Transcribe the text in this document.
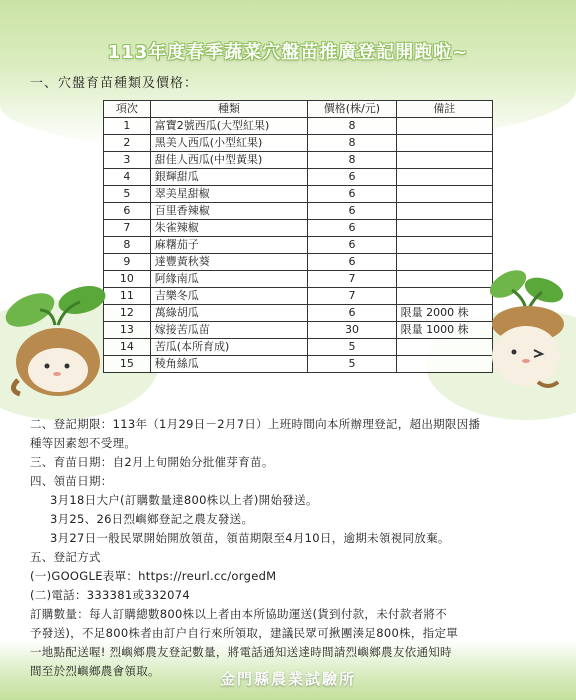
113年度春季蔬菜穴盤苗推廣登記開跑啦~
一、穴盤育苗種類及價格：
項次	種類	價格(株/元)	備註
1	富寶2號西瓜(大型紅果)	8	
2	黑美人西瓜(小型紅果)	8	
3	甜佳人西瓜(中型黃果)	8	
4	銀輝甜瓜	6	
5	翠美星甜椒	6	
6	百里香辣椒	6	
7	朱雀辣椒	6	
8	麻糬茄子	6	
9	達豐黃秋葵	6	
10	阿緣南瓜	7	
11	吉樂冬瓜	7	
12	萬綠胡瓜	6	限量 2000 株
13	嫁接苦瓜苗	30	限量 1000 株
14	苦瓜(本所育成)	5	
15	稜角絲瓜	5	

二、登記期限：113年（1月29日－2月7日）上班時間向本所辦理登記，超出期限因播

種等因素恕不受理。

三、育苗日期：自2月上旬開始分批催芽育苗。

四、領苗日期：

3月18日大户(訂購數量達800株以上者)開始發送。

3月25、26日烈嶼鄉登記之農友發送。

3月27日一般民眾開始開放領苗，領苗期限至4月10日，逾期未領視同放棄。

五、登記方式

(一)GOOGLE表單：https://reurl.cc/orgedM

(二)電話：333381或332074

訂購數量：每人訂購總數800株以上者由本所協助運送(貨到付款，未付款者將不

予發送)，不足800株者由訂户自行來所領取，建議民眾可揪團湊足800株，指定單

一地點配送喔! 烈嶼鄉農友登記數量，將電話通知送達時間請烈嶼鄉農友依通知時

間至於烈嶼鄉農會領取。	金門縣農業試驗所
